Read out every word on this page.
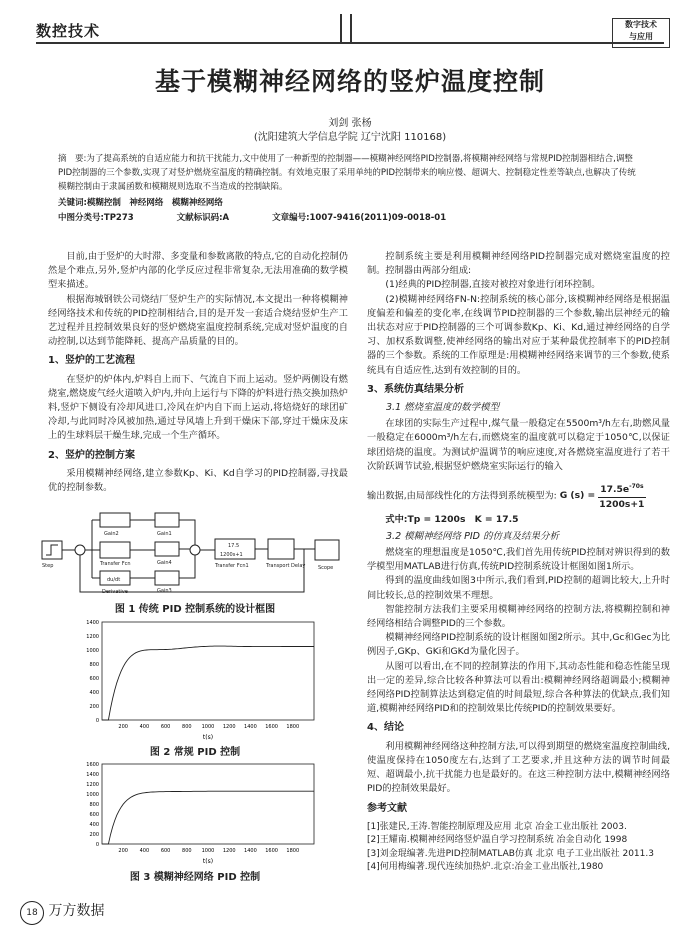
数控技术	数字技术
与应用
基于模糊神经网络的竖炉温度控制
刘剑 张杨
(沈阳建筑大学信息学院 辽宁沈阳 110168)
摘　要:为了提高系统的自适应能力和抗干扰能力,文中使用了一种新型的控制器——模糊神经网络PID控制器,将模糊神经网络与常规PID控制器相结合,调整PID控制器的三个参数,实现了对竖炉燃烧室温度的精确控制。有效地克服了采用单纯的PID控制带来的响应慢、超调大、控制稳定性差等缺点,也解决了传统模糊控制由于隶属函数和模糊规则选取不当造成的控制缺陷。
关键词:模糊控制　神经网络　模糊神经网络
中图分类号:TP273	文献标识码:A	文章编号:1007-9416(2011)09-0018-01

目前,由于竖炉的大时滞、多变量和参数离散的特点,它的自动化控制仍然是个难点,另外,竖炉内部的化学反应过程非常复杂,无法用准确的数学模型来描述。

根据海城钢铁公司烧结厂竖炉生产的实际情况,本文提出一种将模糊神经网络技术和传统的PID控制相结合,目的是开发一套适合烧结竖炉生产工艺过程并且控制效果良好的竖炉燃烧室温度控制系统,完成对竖炉温度的自动控制,以达到节能降耗、提高产品质量的目的。

1、竖炉的工艺流程

在竖炉的炉体内,炉料自上而下、气流自下而上运动。竖炉两侧设有燃烧室,燃烧废气经火道喷入炉内,并向上运行与下降的炉料进行热交换加热炉料,竖炉下侧设有冷却风进口,冷风在炉内自下而上运动,将焙烧好的球团矿冷却,与此同时冷风被加热,通过导风墙上升到干燥床下部,穿过干燥床及床上的生球料层干燥生球,完成一个生产循环。

2、竖炉的控制方案

采用模糊神经网络,建立参数Kp、Ki、Kd自学习的PID控制器,寻找最优的控制参数。

Step
Gain2
Transfer Fcn
du/dt
Derivative
Gain1
Gain4
Gain3
17.5
1200s+1
Transfer Fcn1	Transport Delay	Scope
图 1 传统 PID 控制系统的设计框图
1400
1200
1000
800
600
400
200
0
200 400 600 800 1000 1200 1400 1600 1800
t(s)
图 2 常规 PID 控制
1600
1400
1200
1000
800
600
400
200
0
200 400 600 800 1000 1200 1400 1600 1800
t(s)
图 3 模糊神经网络 PID 控制

控制系统主要是利用模糊神经网络PID控制器完成对燃烧室温度的控制。控制器由两部分组成:

(1)经典的PID控制器,直接对被控对象进行闭环控制。

(2)模糊神经网络FN-N:控制系统的核心部分,该模糊神经网络是根据温度偏差和偏差的变化率,在线调节PID控制器的三个参数,输出层神经元的输出状态对应于PID控制器的三个可调参数Kp、Ki、Kd,通过神经网络的自学习、加权系数调整,使神经网络的输出对应于某种最优控制率下的PID控制器的三个参数。系统的工作原理是:用模糊神经网络来调节的三个参数,使系统具有自适应性,达到有效控制的目的。

3、系统仿真结果分析
3.1 燃烧室温度的数学模型

在球团的实际生产过程中,煤气量一般稳定在5500m³/h左右,助燃风量一般稳定在6000m³/h左右,而燃烧室的温度就可以稳定于1050℃,以保证球团焙烧的温度。为测试炉温调节的响应速度,对各燃烧室温度进行了若干次阶跃调节试验,根据竖炉燃烧室实际运行的输入

输出数据,由局部线性化的方法得到系统模型为: G $(s) = \frac{17.5e^{-70s}}{1200s+1}$
式中:Tp = 1200s　K = 17.5
3.2 模糊神经网络 PID 的仿真及结果分析

燃烧室的理想温度是1050℃,我们首先用传统PID控制对辨识得到的数学模型用MATLAB进行仿真,传统PID控制系统设计框图如图1所示。

得到的温度曲线如图3中所示,我们看到,PID控制的超调比较大,上升时间比较长,总的控制效果不理想。

智能控制方法我们主要采用模糊神经网络的控制方法,将模糊控制和神经网络相结合调整PID的三个参数。

模糊神经网络PID控制系统的设计框图如图2所示。其中,Gc和Gec为比例因子,GKp、GKi和GKd为量化因子。

从图可以看出,在不同的控制算法的作用下,其动态性能和稳态性能呈现出一定的差异,综合比较各种算法可以看出:模糊神经网络超调最小;模糊神经网络PID控制算法达到稳定值的时间最短,综合各种算法的优缺点,我们知道,模糊神经网络PID和的控制效果比传统PID的控制效果要好。

4、结论

利用模糊神经网络这种控制方法,可以得到期望的燃烧室温度控制曲线,使温度保持在1050度左右,达到了工艺要求,并且这种方法的调节时间最短、超调最小,抗干扰能力也是最好的。在这三种控制方法中,模糊神经网络PID的控制效果最好。

参考文献
[1]张建民,王涛.智能控制原理及应用 北京 冶金工业出版社 2003.
[2]王耀南.模糊神经网络竖炉温自学习控制系统 冶金自动化 1998
[3]刘金琨编著.先进PID控制MATLAB仿真 北京 电子工业出版社 2011.3
[4]何用梅编著.现代连续加热炉.北京:冶金工业出版社,1980
18 万方数据
